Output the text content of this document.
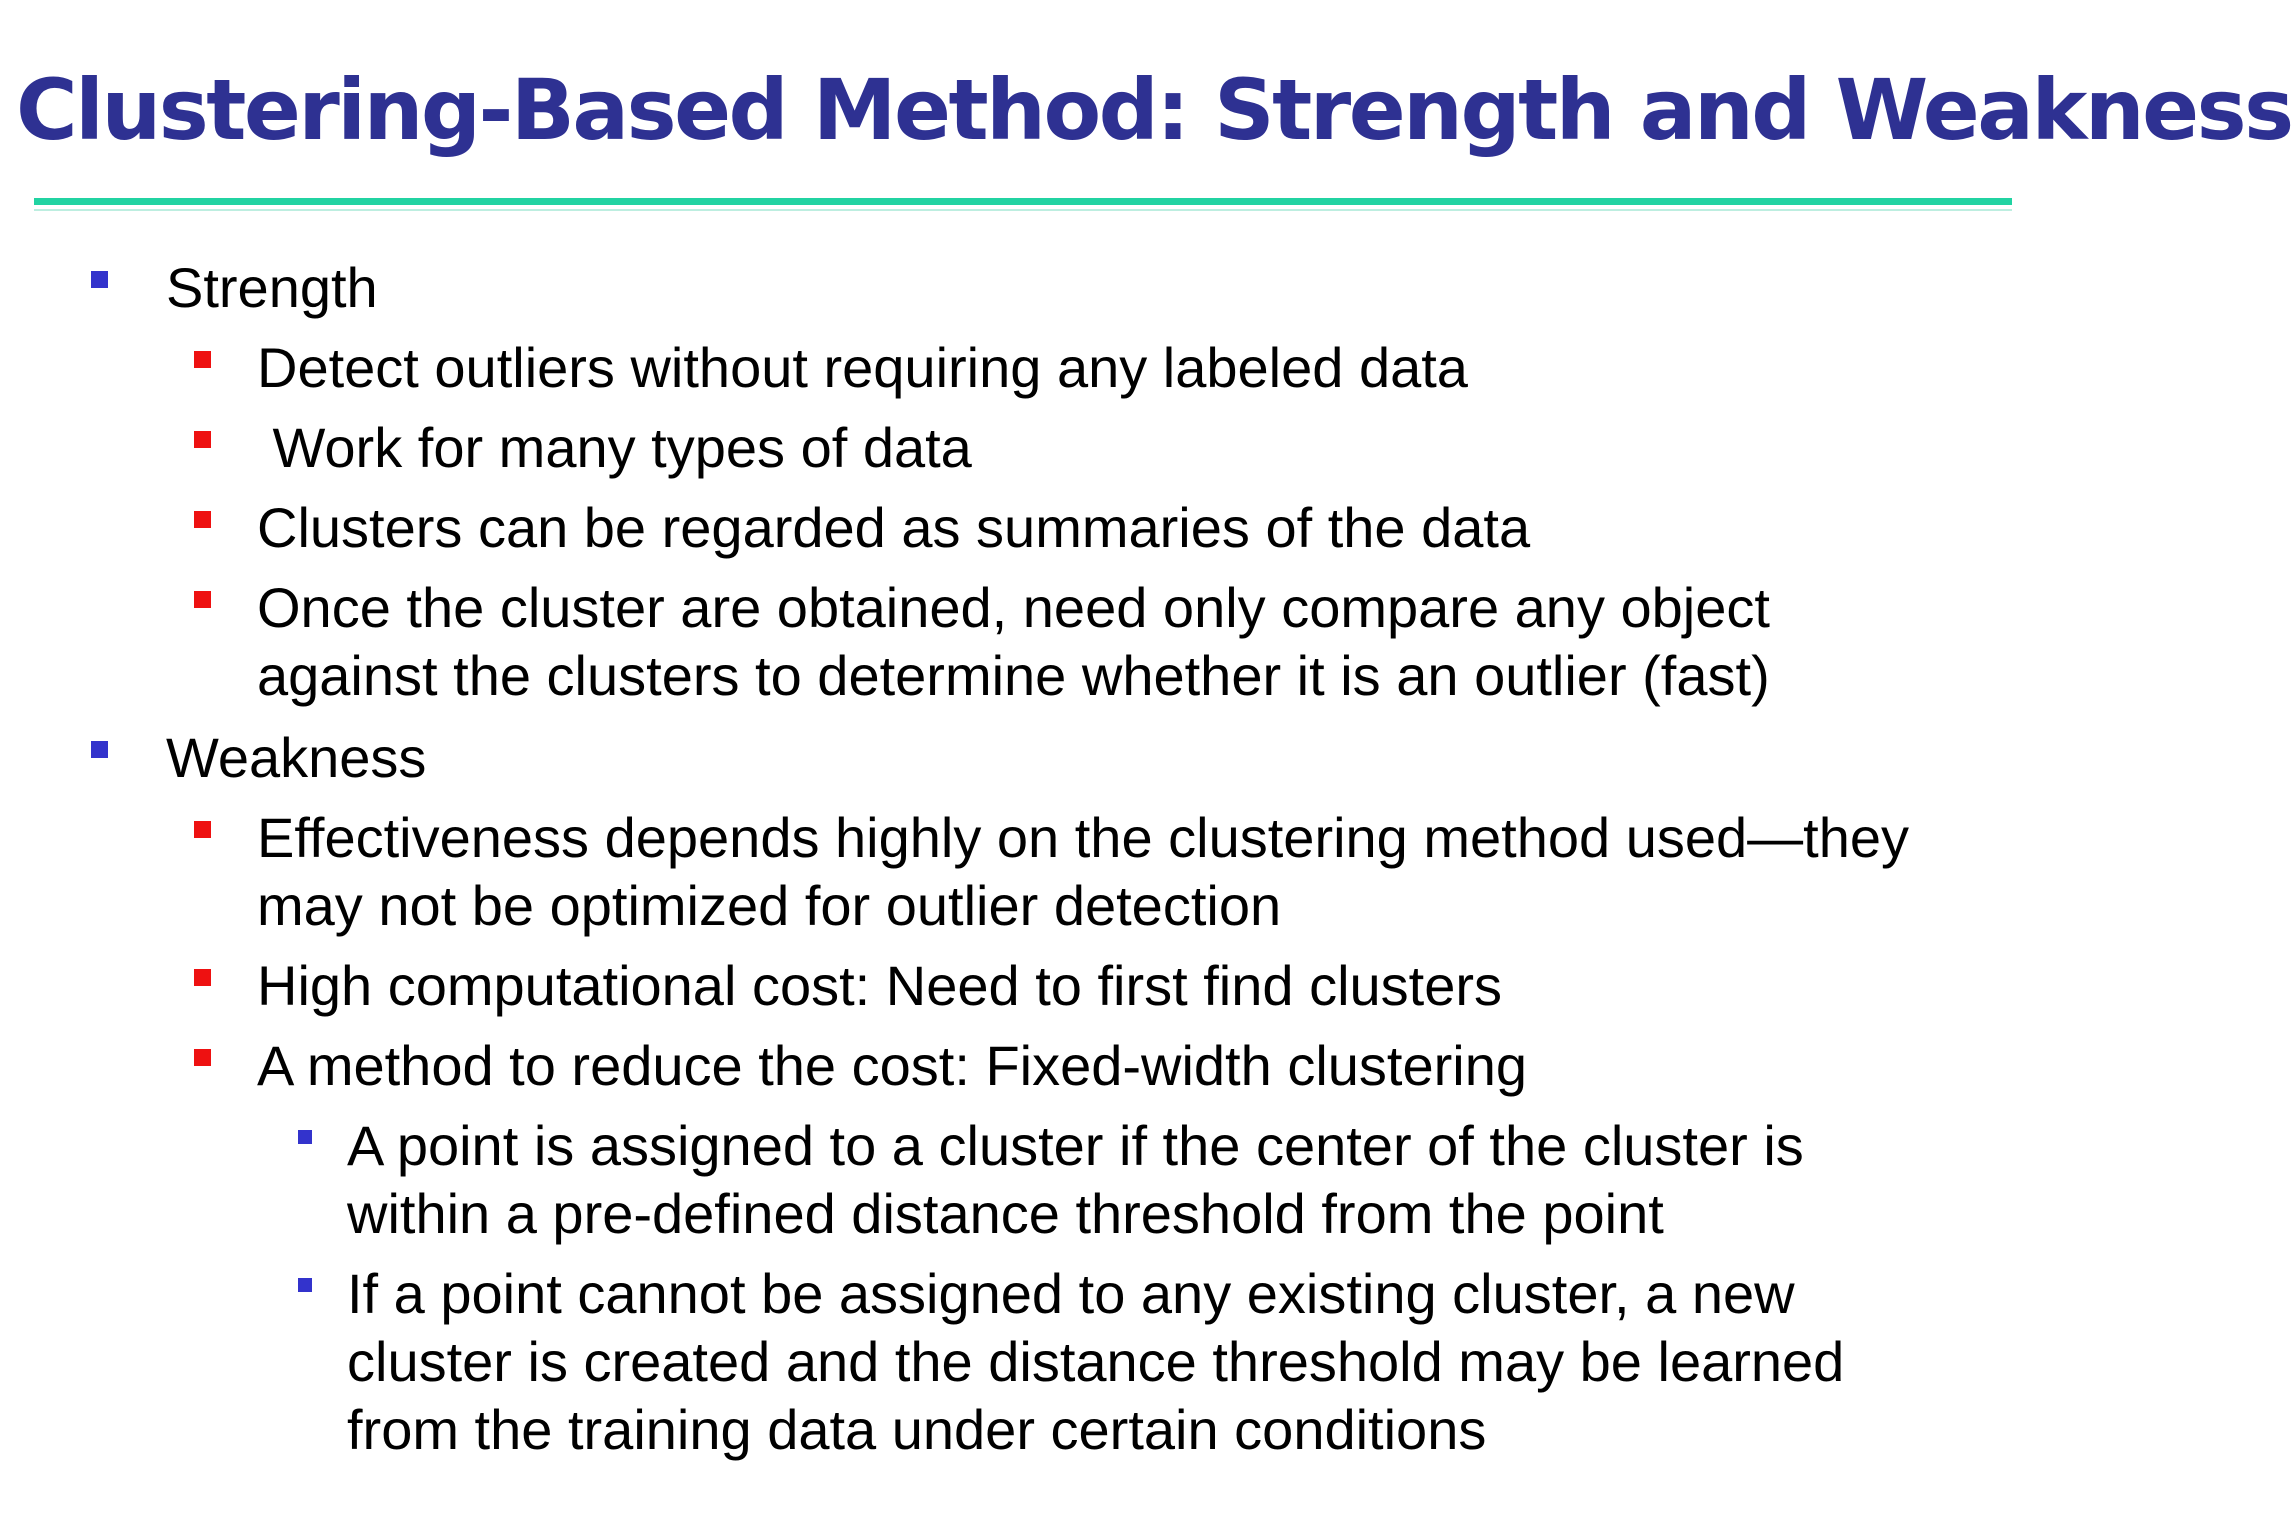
Clustering-Based Method: Strength and Weakness
Strength
Detect outliers without requiring any labeled data
Work for many types of data
Clusters can be regarded as summaries of the data
Once the cluster are obtained, need only compare any object
against the clusters to determine whether it is an outlier (fast)
Weakness
Effectiveness depends highly on the clustering method used—they
may not be optimized for outlier detection
High computational cost: Need to first find clusters
A method to reduce the cost: Fixed-width clustering
A point is assigned to a cluster if the center of the cluster is
within a pre-defined distance threshold from the point
If a point cannot be assigned to any existing cluster, a new
cluster is created and the distance threshold may be learned
from the training data under certain conditions
